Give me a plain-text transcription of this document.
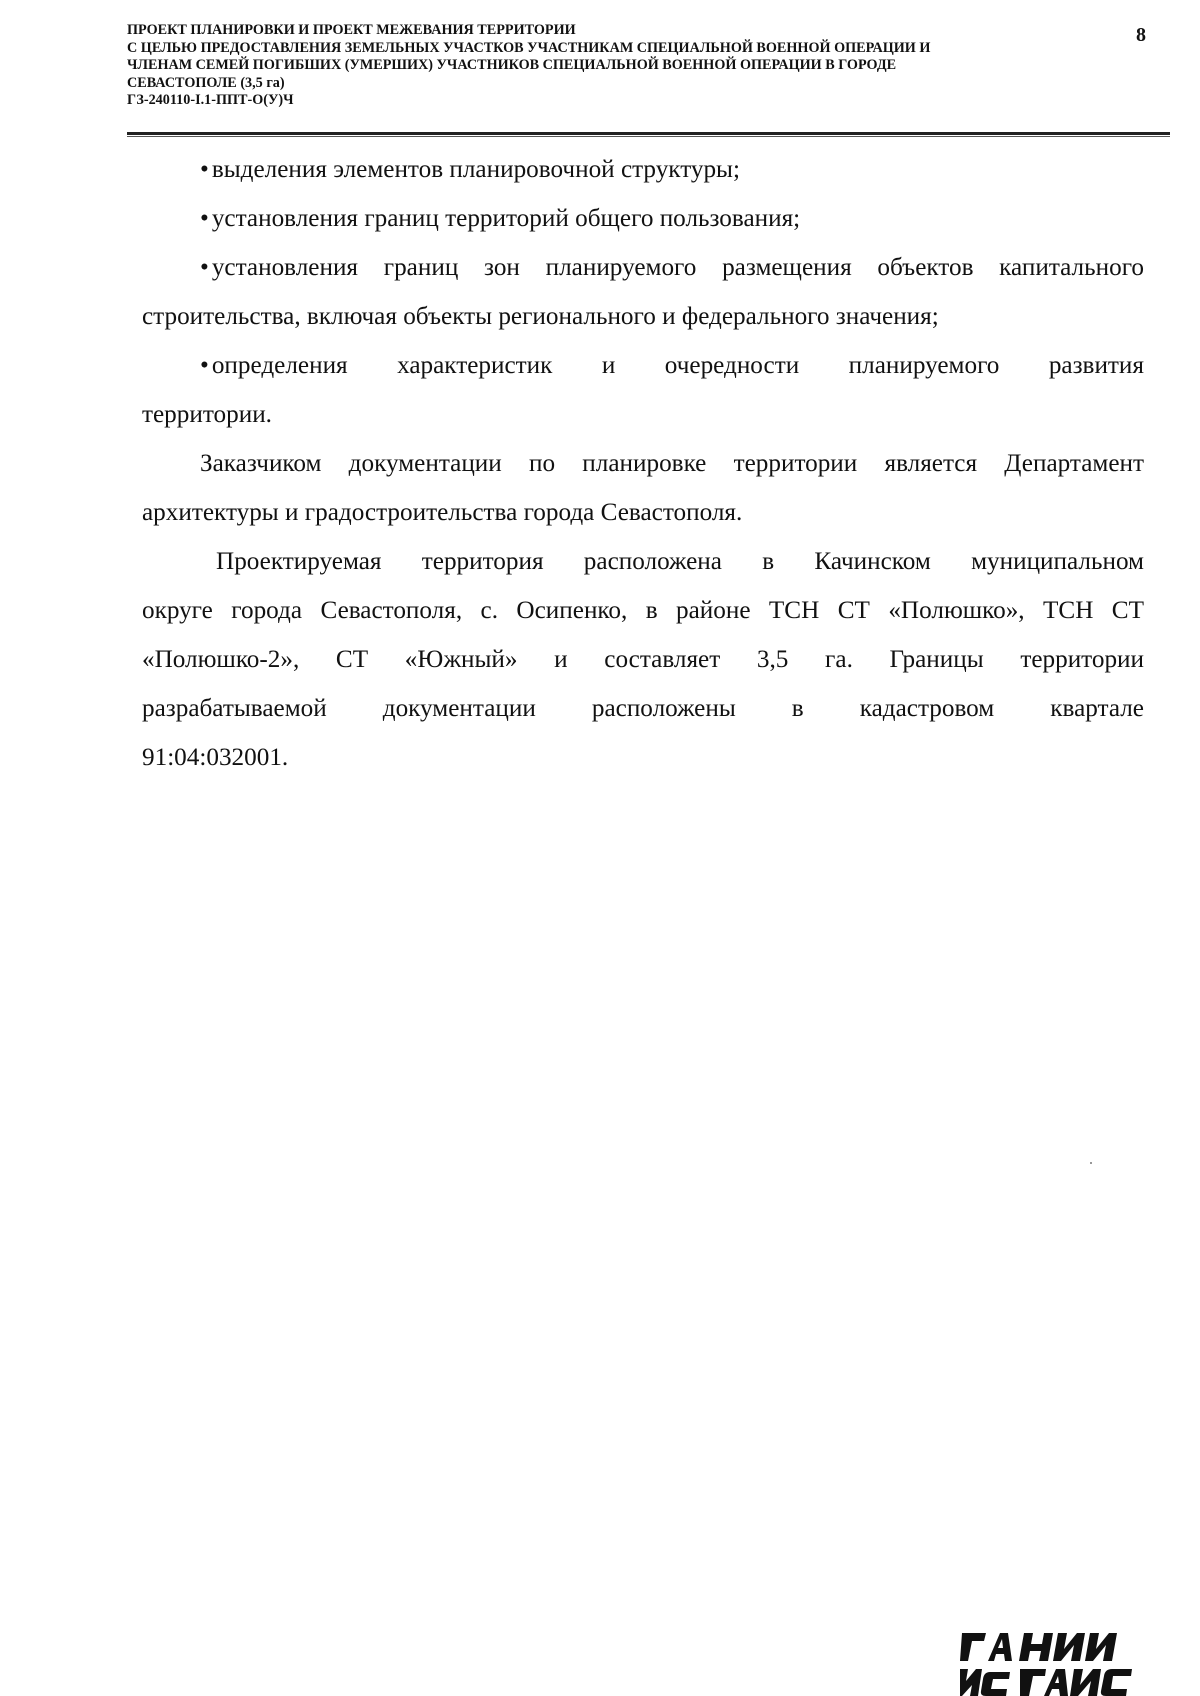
ПРОЕКТ ПЛАНИРОВКИ И ПРОЕКТ МЕЖЕВАНИЯ ТЕРРИТОРИИ
С ЦЕЛЬЮ ПРЕДОСТАВЛЕНИЯ ЗЕМЕЛЬНЫХ УЧАСТКОВ УЧАСТНИКАМ СПЕЦИАЛЬНОЙ ВОЕННОЙ ОПЕРАЦИИ И
ЧЛЕНАМ СЕМЕЙ ПОГИБШИХ (УМЕРШИХ) УЧАСТНИКОВ СПЕЦИАЛЬНОЙ ВОЕННОЙ ОПЕРАЦИИ В ГОРОДЕ
СЕВАСТОПОЛЕ (3,5 га)
ГЗ-240110-I.1-ППТ-О(У)Ч
8

• выделения элементов планировочной структуры;

• установления границ территорий общего пользования;

• установления границ зон планируемого размещения объектов капитального
строительства, включая объекты регионального и федерального значения;

• определения характеристик и очередности планируемого развития
территории.

Заказчиком документации по планировке территории является Департамент
архитектуры и градостроительства города Севастополя.

Проектируемая территория расположена в Качинском муниципальном
округе города Севастополя, с. Осипенко, в районе ТСН СТ «Полюшко», ТСН СТ
«Полюшко-2», СТ «Южный» и составляет 3,5 га. Границы территории
разрабатываемой документации расположены в кадастровом квартале
91:04:032001.
